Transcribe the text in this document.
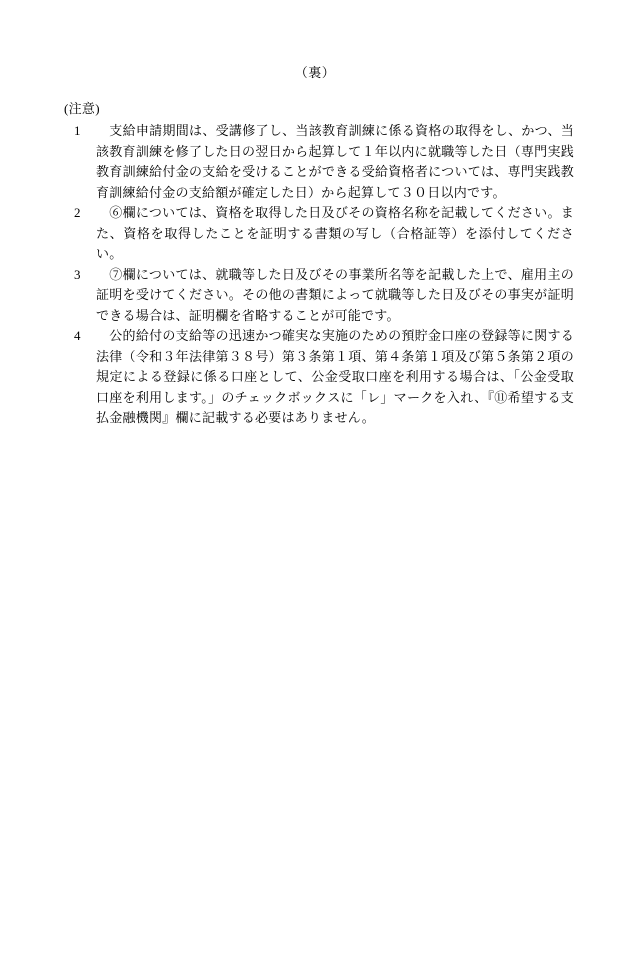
（裏）
(注意)
1	　支給申請期間は、受講修了し、当該教育訓練に係る資格の取得をし、かつ、当該教育訓練を修了した日の翌日から起算して１年以内に就職等した日（専門実践教育訓練給付金の支給を受けることができる受給資格者については、専門実践教育訓練給付金の支給額が確定した日）から起算して３０日以内です。
2	　⑥欄については、資格を取得した日及びその資格名称を記載してください。また、資格を取得したことを証明する書類の写し（合格証等）を添付してください。
3	　⑦欄については、就職等した日及びその事業所名等を記載した上で、雇用主の証明を受けてください。その他の書類によって就職等した日及びその事実が証明できる場合は、証明欄を省略することが可能です。
4	　公的給付の支給等の迅速かつ確実な実施のための預貯金口座の登録等に関する法律（令和３年法律第３８号）第３条第１項、第４条第１項及び第５条第２項の規定による登録に係る口座として、公金受取口座を利用する場合は、「公金受取口座を利用します。」のチェックボックスに「レ」マークを入れ、『⑪希望する支払金融機関』欄に記載する必要はありません。
